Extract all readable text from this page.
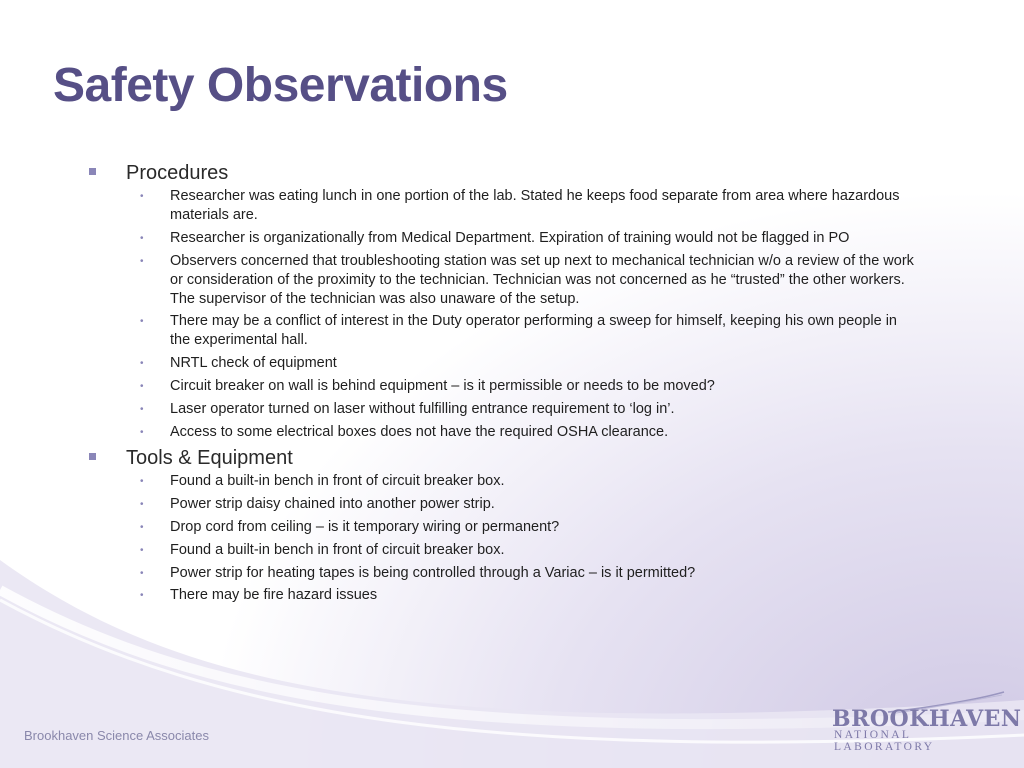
Safety Observations

Procedures

• Researcher was eating lunch in one portion of the lab. Stated he keeps food separate from area where hazardous materials are.
• Researcher is organizationally from Medical Department. Expiration of training would not be flagged in PO
• Observers concerned that troubleshooting station was set up next to mechanical technician w/o a review of the work or consideration of the proximity to the technician. Technician was not concerned as he “trusted” the other workers. The supervisor of the technician was also unaware of the setup.
• There may be a conflict of interest in the Duty operator performing a sweep for himself, keeping his own people in the experimental hall.
• NRTL check of equipment
• Circuit breaker on wall is behind equipment – is it permissible or needs to be moved?
• Laser operator turned on laser without fulfilling entrance requirement to ‘log in’.
• Access to some electrical boxes does not have the required OSHA clearance.

Tools & Equipment

• Found a built-in bench in front of circuit breaker box.
• Power strip daisy chained into another power strip.
• Drop cord from ceiling – is it temporary wiring or permanent?
• Found a built-in bench in front of circuit breaker box.
• Power strip for heating tapes is being controlled through a Variac – is it permitted?
• There may be fire hazard issues
Brookhaven Science Associates
BROOKHAVEN
NATIONAL LABORATORY
